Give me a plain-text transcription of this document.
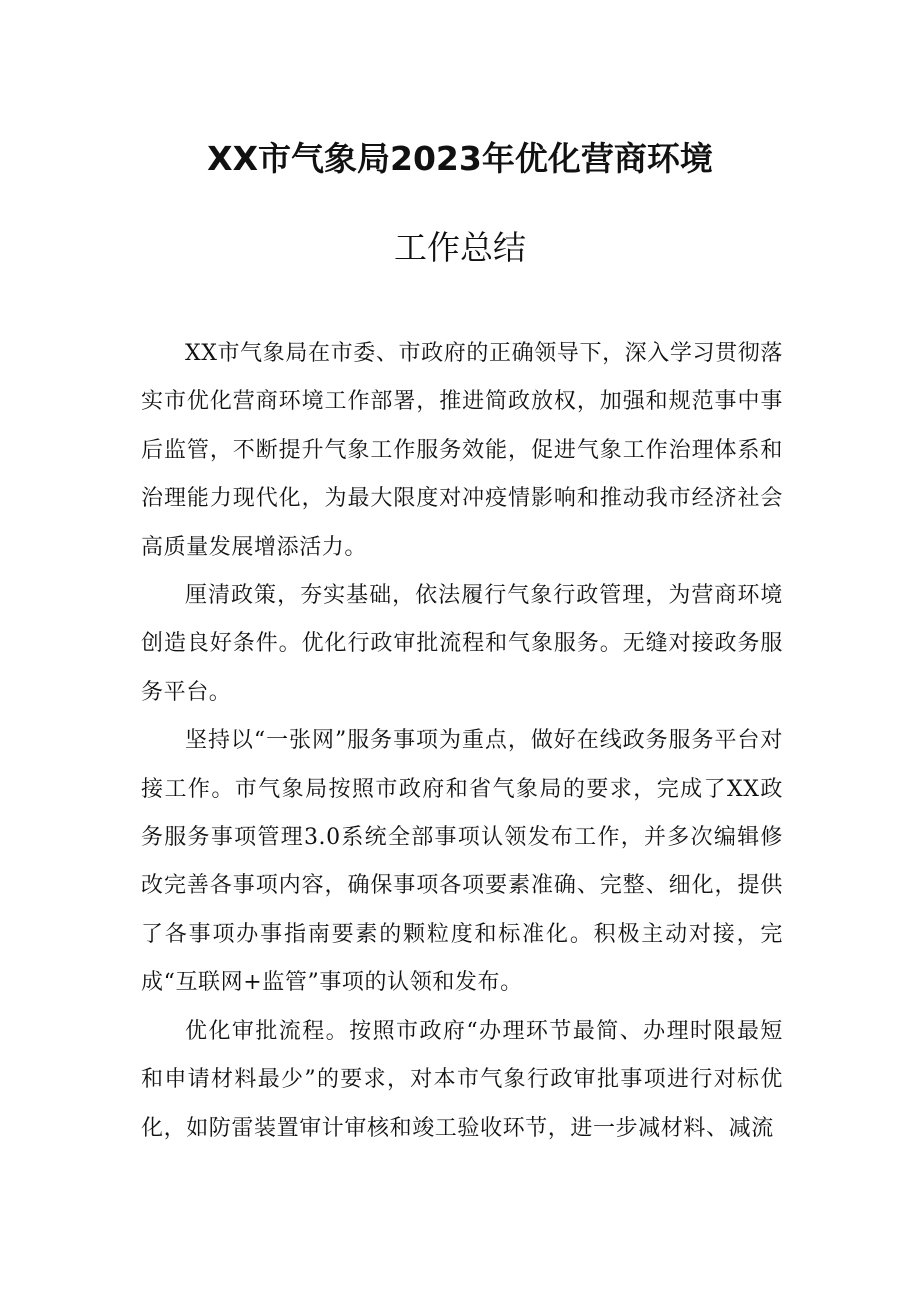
XX市气象局2023年优化营商环境
工作总结

XX市气象局在市委、市政府的正确领导下，深入学习贯彻落实市优化营商环境工作部署，推进简政放权，加强和规范事中事后监管，不断提升气象工作服务效能，促进气象工作治理体系和治理能力现代化，为最大限度对冲疫情影响和推动我市经济社会高质量发展增添活力。

厘清政策，夯实基础，依法履行气象行政管理，为营商环境创造良好条件。优化行政审批流程和气象服务。无缝对接政务服务平台。

坚持以“一张网”服务事项为重点，做好在线政务服务平台对接工作。市气象局按照市政府和省气象局的要求，完成了XX政务服务事项管理3.0系统全部事项认领发布工作，并多次编辑修改完善各事项内容，确保事项各项要素准确、完整、细化，提供了各事项办事指南要素的颗粒度和标准化。积极主动对接，完成“互联网+监管”事项的认领和发布。

优化审批流程。按照市政府“办理环节最简、办理时限最短和申请材料最少”的要求，对本市气象行政审批事项进行对标优化，如防雷装置审计审核和竣工验收环节，进一步减材料、减流
